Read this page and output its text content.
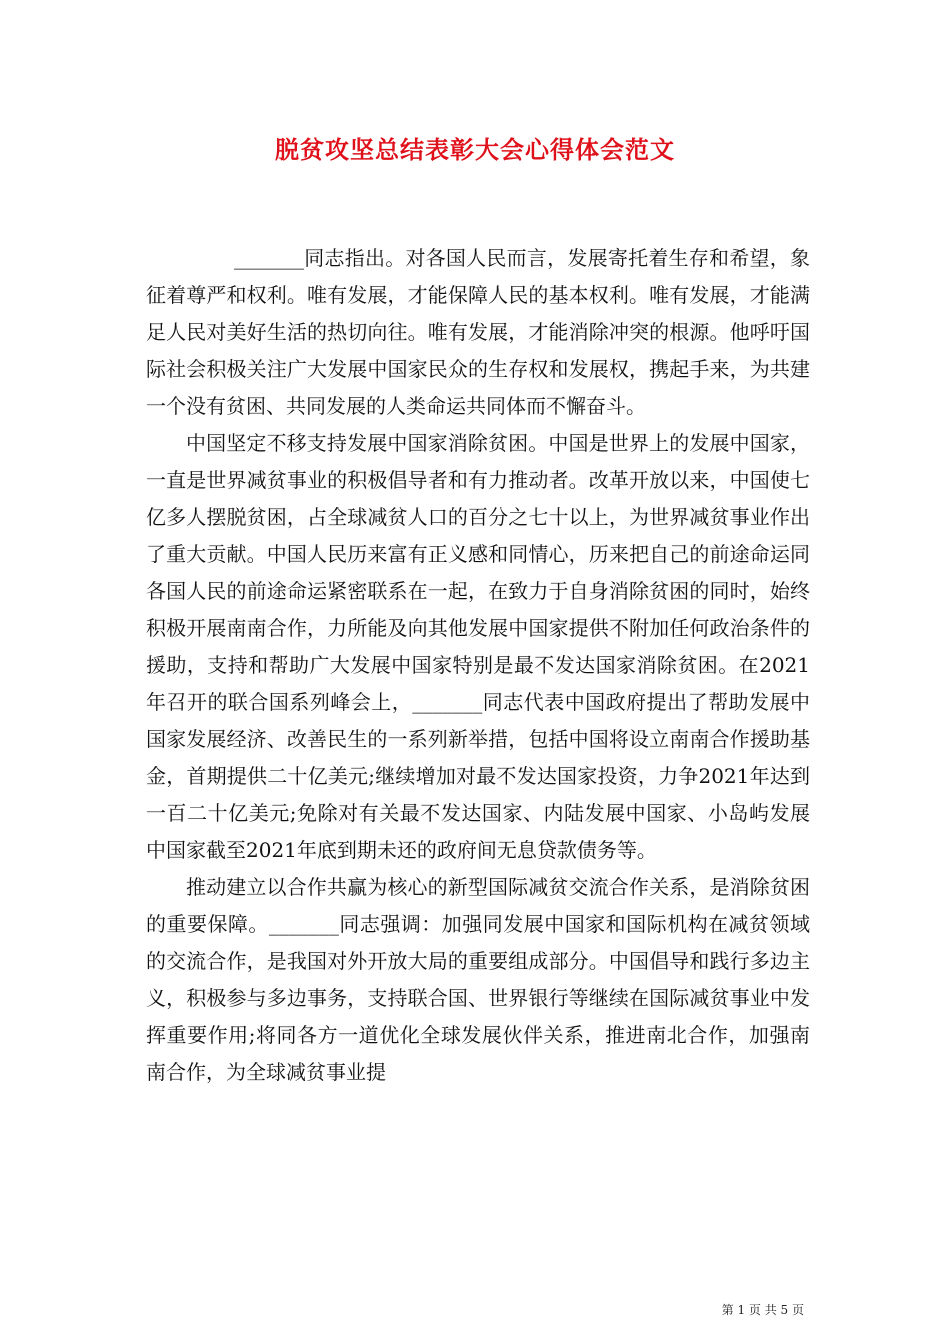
脱贫攻坚总结表彰大会心得体会范文

_______同志指出。对各国人民而言，发展寄托着生存和希望，象征着尊严和权利。唯有发展，才能保障人民的基本权利。唯有发展，才能满足人民对美好生活的热切向往。唯有发展，才能消除冲突的根源。他呼吁国际社会积极关注广大发展中国家民众的生存权和发展权，携起手来，为共建一个没有贫困、共同发展的人类命运共同体而不懈奋斗。

中国坚定不移支持发展中国家消除贫困。中国是世界上的发展中国家，一直是世界减贫事业的积极倡导者和有力推动者。改革开放以来，中国使七亿多人摆脱贫困，占全球减贫人口的百分之七十以上，为世界减贫事业作出了重大贡献。中国人民历来富有正义感和同情心，历来把自己的前途命运同各国人民的前途命运紧密联系在一起，在致力于自身消除贫困的同时，始终积极开展南南合作，力所能及向其他发展中国家提供不附加任何政治条件的援助，支持和帮助广大发展中国家特别是最不发达国家消除贫困。在2021年召开的联合国系列峰会上，_______同志代表中国政府提出了帮助发展中国家发展经济、改善民生的一系列新举措，包括中国将设立南南合作援助基金，首期提供二十亿美元;继续增加对最不发达国家投资，力争2021年达到一百二十亿美元;免除对有关最不发达国家、内陆发展中国家、小岛屿发展中国家截至2021年底到期未还的政府间无息贷款债务等。

推动建立以合作共赢为核心的新型国际减贫交流合作关系，是消除贫困的重要保障。_______同志强调：加强同发展中国家和国际机构在减贫领域的交流合作，是我国对外开放大局的重要组成部分。中国倡导和践行多边主义，积极参与多边事务，支持联合国、世界银行等继续在国际减贫事业中发挥重要作用;将同各方一道优化全球发展伙伴关系，推进南北合作，加强南南合作，为全球减贫事业提

第 1 页 共 5 页
